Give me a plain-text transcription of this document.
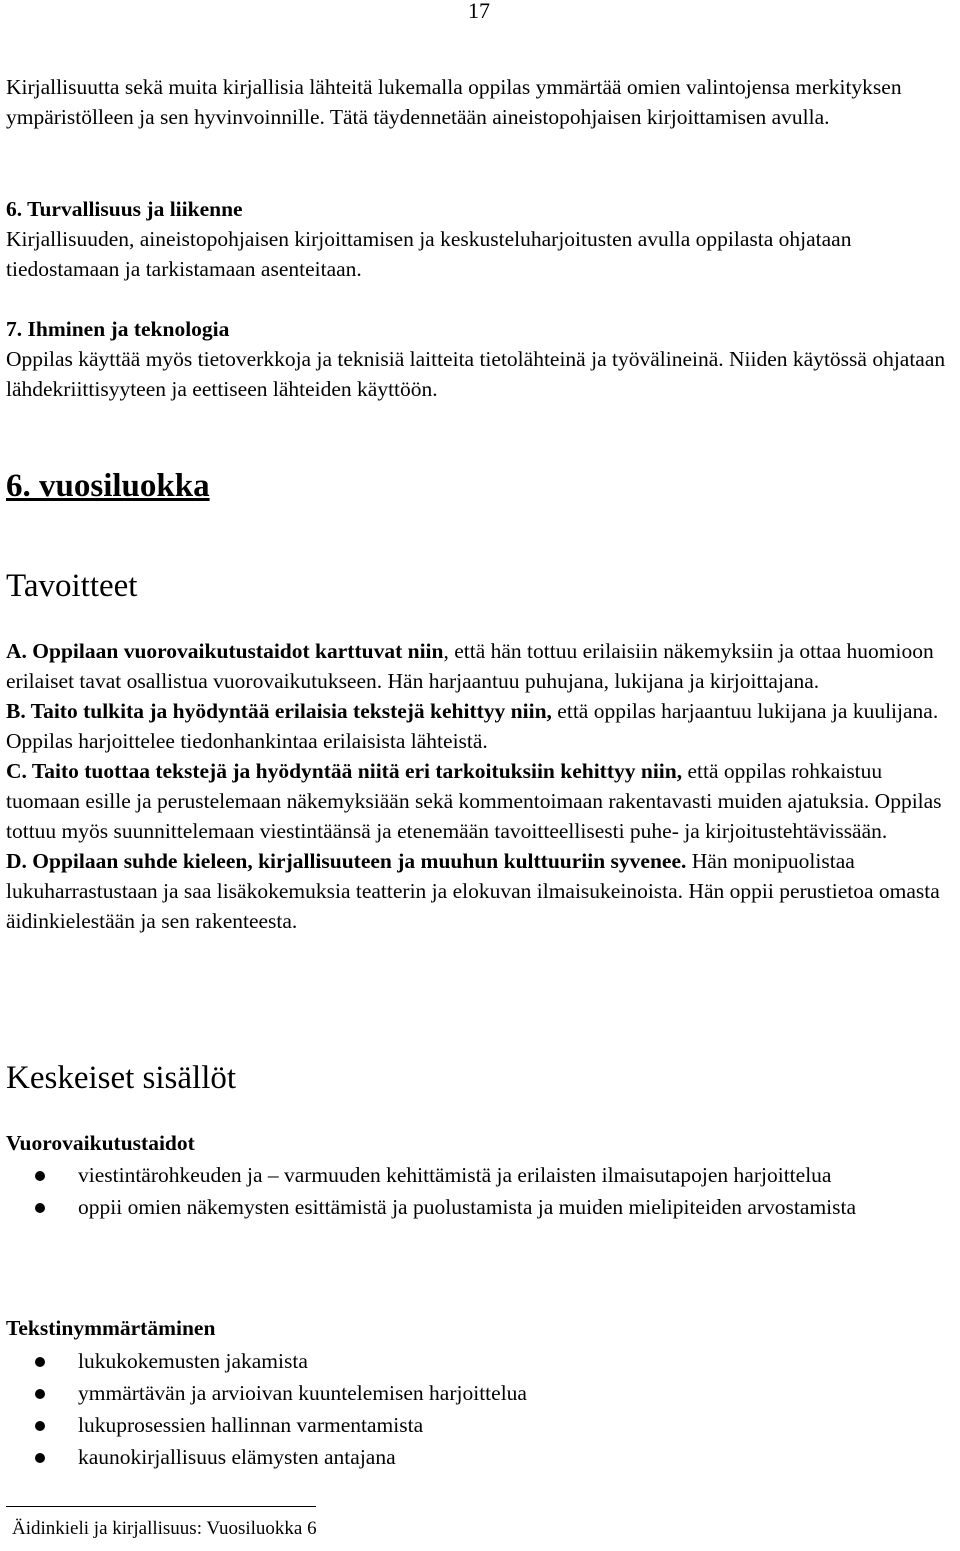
17

Kirjallisuutta sekä muita kirjallisia lähteitä lukemalla oppilas ymmärtää omien valintojensa merkityksen ympäristölleen ja sen hyvinvoinnille. Tätä täydennetään aineistopohjaisen kirjoittamisen avulla.

6. Turvallisuus ja liikenne

Kirjallisuuden, aineistopohjaisen kirjoittamisen ja keskusteluharjoitusten avulla oppilasta ohjataan tiedostamaan ja tarkistamaan asenteitaan.

7. Ihminen ja teknologia

Oppilas käyttää myös tietoverkkoja ja teknisiä laitteita tietolähteinä ja työvälineinä. Niiden käytössä ohjataan lähdekriittisyyteen ja eettiseen lähteiden käyttöön.

6. vuosiluokka
Tavoitteet

A. Oppilaan vuorovaikutustaidot karttuvat niin, että hän tottuu erilaisiin näkemyksiin ja ottaa huomioon erilaiset tavat osallistua vuorovaikutukseen. Hän harjaantuu puhujana, lukijana ja kirjoittajana.

B. Taito tulkita ja hyödyntää erilaisia tekstejä kehittyy niin, että oppilas harjaantuu lukijana ja kuulijana. Oppilas harjoittelee tiedonhankintaa erilaisista lähteistä.

C. Taito tuottaa tekstejä ja hyödyntää niitä eri tarkoituksiin kehittyy niin, että oppilas rohkaistuu tuomaan esille ja perustelemaan näkemyksiään sekä kommentoimaan rakentavasti muiden ajatuksia. Oppilas tottuu myös suunnittelemaan viestintäänsä ja etenemään tavoitteellisesti puhe- ja kirjoitustehtävissään.

D. Oppilaan suhde kieleen, kirjallisuuteen ja muuhun kulttuuriin syvenee. Hän monipuolistaa lukuharrastustaan ja saa lisäkokemuksia teatterin ja elokuvan ilmaisukeinoista. Hän oppii perustietoa omasta äidinkielestään ja sen rakenteesta.

Keskeiset sisällöt
Vuorovaikutustaidot
viestintärohkeuden ja – varmuuden kehittämistä ja erilaisten ilmaisutapojen harjoittelua
oppii omien näkemysten esittämistä ja puolustamista ja muiden mielipiteiden arvostamista
Tekstinymmärtäminen
lukukokemusten jakamista
ymmärtävän ja arvioivan kuuntelemisen harjoittelua
lukuprosessien hallinnan varmentamista
kaunokirjallisuus elämysten antajana
Äidinkieli ja kirjallisuus: Vuosiluokka 6
